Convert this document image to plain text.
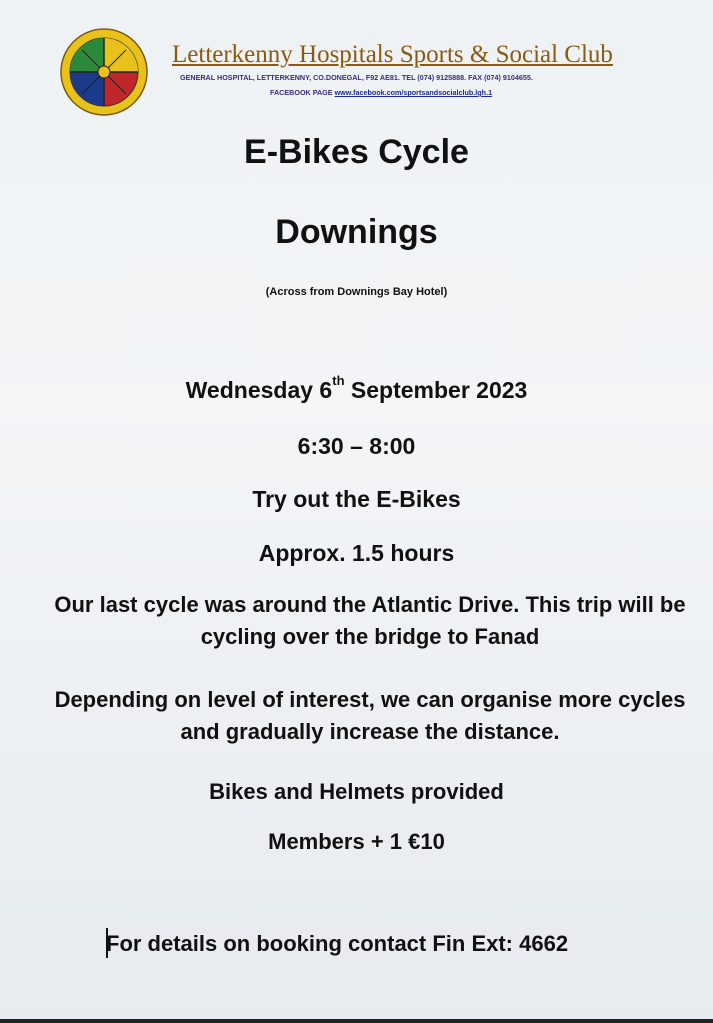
Letterkenny Hospitals Sports & Social Club
GENERAL HOSPITAL, LETTERKENNY, CO.DONEGAL, F92 AE81. TEL (074) 9125888. FAX (074) 9104655.
FACEBOOK PAGE www.facebook.com/sportsandsocialclub.lgh.1
E-Bikes Cycle
Downings
(Across from Downings Bay Hotel)
Wednesday 6th September 2023
6:30 – 8:00
Try out the E-Bikes
Approx. 1.5 hours
Our last cycle was around the Atlantic Drive. This trip will be cycling over the bridge to Fanad
Depending on level of interest, we can organise more cycles and gradually increase the distance.
Bikes and Helmets provided
Members + 1 €10
For details on booking contact Fin Ext: 4662
